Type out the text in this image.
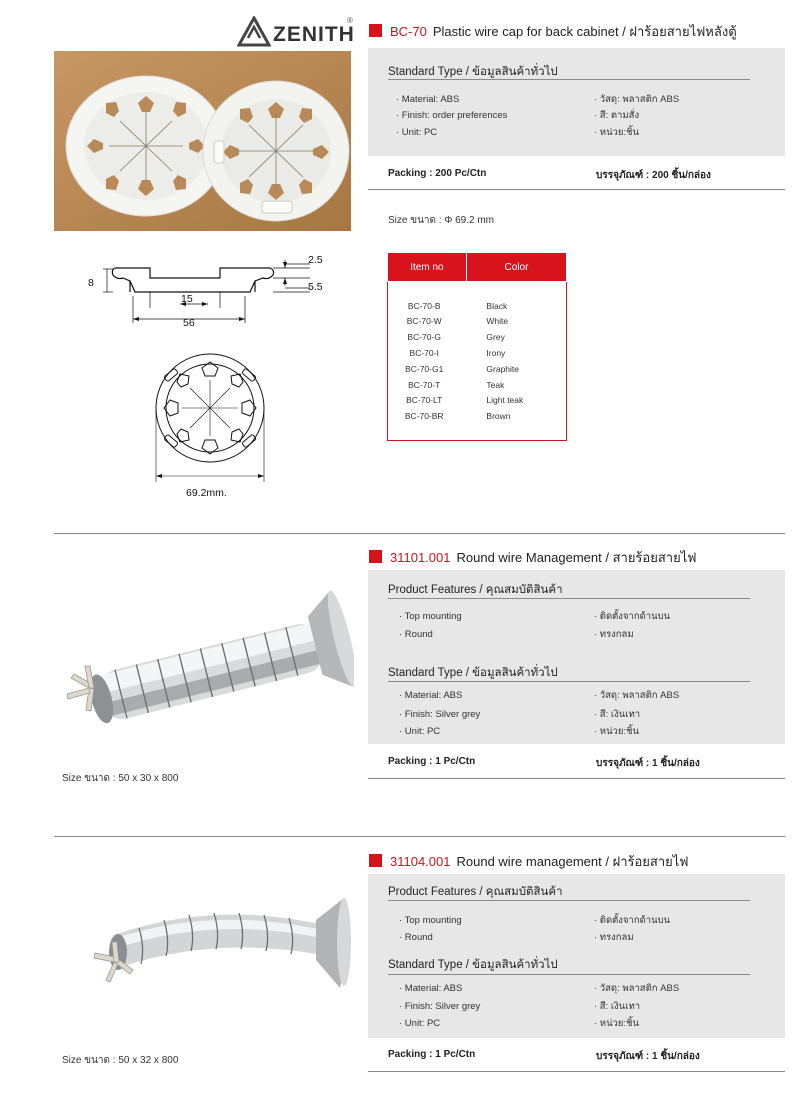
ZENITH
®
BC-70 Plastic wire cap for back cabinet / ฝาร้อยสายไฟหลังตู้
2.5
8	5.5
15
56
69.2mm.
Standard Type / ข้อมูลสินค้าทั่วไป
· Material: ABS
· Finish: order preferences
· Unit: PC
· วัสดุ: พลาสติก ABS
· สี: ตามสั่ง
· หน่วย:ชิ้น
Packing : 200 Pc/Ctn	บรรจุภัณฑ์ : 200 ชิ้น/กล่อง
Size ขนาด : Φ 69.2 mm
Item no	Color

BC-70-B	Black
BC-70-W	White
BC-70-G	Grey
BC-70-I	Irony
BC-70-G1	Graphite
BC-70-T	Teak
BC-70-LT	Light teak
BC-70-BR	Brown

31101.001 Round wire Management / สายร้อยสายไฟ
Size ขนาด : 50 x 30 x 800
Product Features / คุณสมบัติสินค้า
· Top mounting
· Round
· ติดตั้งจากด้านบน
· ทรงกลม
Standard Type / ข้อมูลสินค้าทั่วไป
· Material: ABS
· Finish: Silver grey
· Unit: PC
· วัสดุ: พลาสติก ABS
· สี: เงินเทา
· หน่วย:ชิ้น
Packing : 1 Pc/Ctn	บรรจุภัณฑ์ : 1 ชิ้น/กล่อง
31104.001 Round wire management / ฝาร้อยสายไฟ
Size ขนาด : 50 x 32 x 800
Product Features / คุณสมบัติสินค้า
· Top mounting
· Round
· ติดตั้งจากด้านบน
· ทรงกลม
Standard Type / ข้อมูลสินค้าทั่วไป
· Material: ABS
· Finish: Silver grey
· Unit: PC
· วัสดุ: พลาสติก ABS
· สี: เงินเทา
· หน่วย:ชิ้น
Packing : 1 Pc/Ctn	บรรจุภัณฑ์ : 1 ชิ้น/กล่อง
